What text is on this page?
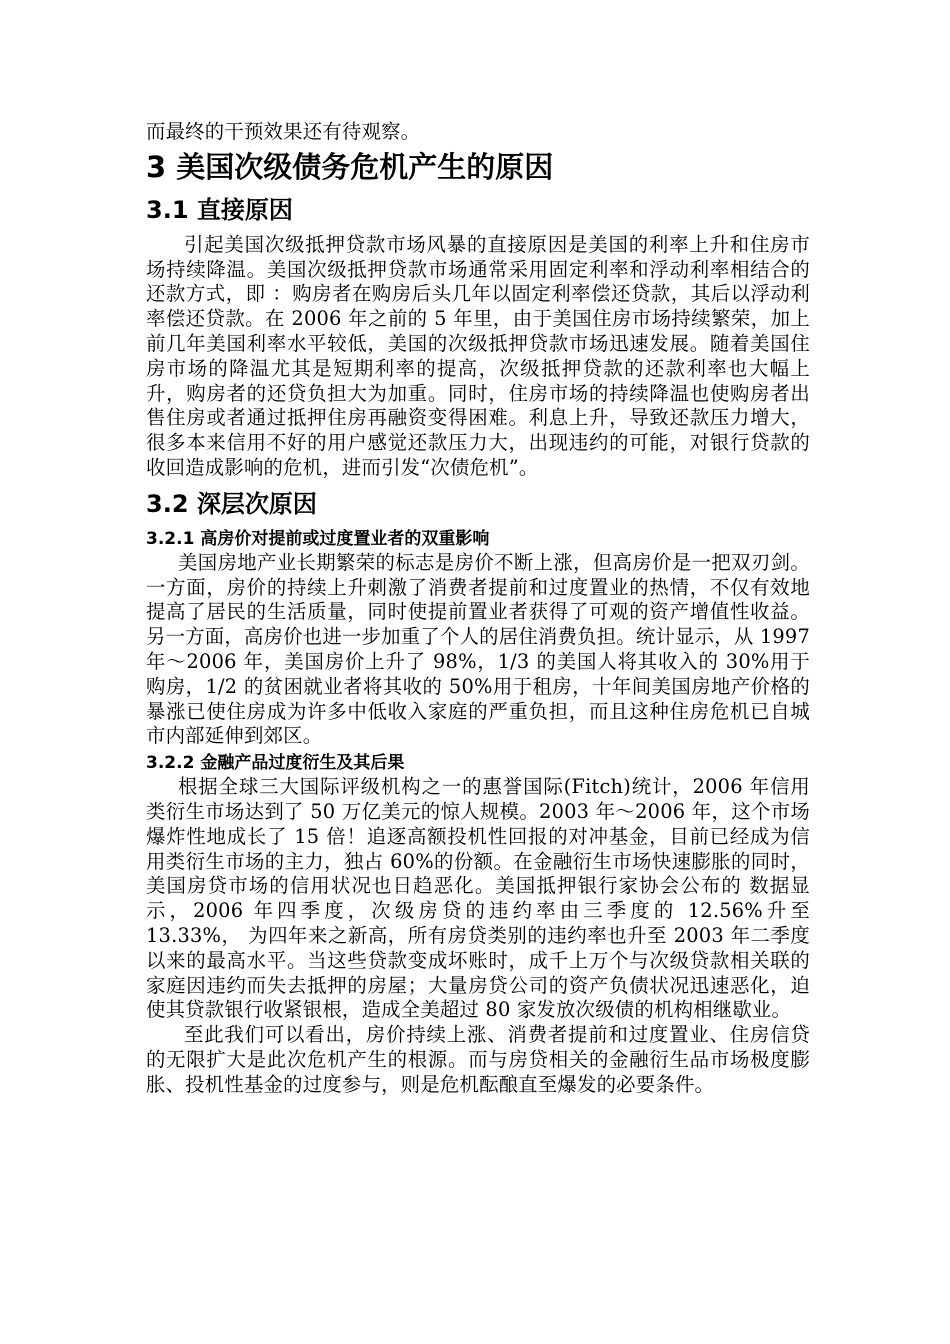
而最终的干预效果还有待观察。

3 美国次级债务危机产生的原因
3.1 直接原因

引起美国次级抵押贷款市场风暴的直接原因是美国的利率上升和住房市场持续降温。美国次级抵押贷款市场通常采用固定利率和浮动利率相结合的还款方式，即 ：购房者在购房后头几年以固定利率偿还贷款，其后以浮动利率偿还贷款。在 2006 年之前的 5 年里，由于美国住房市场持续繁荣，加上前几年美国利率水平较低，美国的次级抵押贷款市场迅速发展。随着美国住房市场的降温尤其是短期利率的提高，次级抵押贷款的还款利率也大幅上升，购房者的还贷负担大为加重。同时，住房市场的持续降温也使购房者出售住房或者通过抵押住房再融资变得困难。利息上升，导致还款压力增大，很多本来信用不好的用户感觉还款压力大，出现违约的可能，对银行贷款的收回造成影响的危机，进而引发“次债危机”。

3.2 深层次原因
3.2.1 高房价对提前或过度置业者的双重影响

美国房地产业长期繁荣的标志是房价不断上涨，但高房价是一把双刃剑。一方面，房价的持续上升刺激了消费者提前和过度置业的热情，不仅有效地提高了居民的生活质量，同时使提前置业者获得了可观的资产增值性收益。另一方面，高房价也进一步加重了个人的居住消费负担。统计显示，从 1997 年～2006 年，美国房价上升了 98%，1/3 的美国人将其收入的 30%用于购房，1/2 的贫困就业者将其收的 50%用于租房，十年间美国房地产价格的暴涨已使住房成为许多中低收入家庭的严重负担，而且这种住房危机已自城市内部延伸到郊区。

3.2.2 金融产品过度衍生及其后果

根据全球三大国际评级机构之一的惠誉国际(Fitch)统计，2006 年信用类衍生市场达到了 50 万亿美元的惊人规模。2003 年～2006 年，这个市场爆炸性地成长了 15 倍！追逐高额投机性回报的对冲基金，目前已经成为信用类衍生市场的主力，独占 60%的份额。在金融衍生市场快速膨胀的同时，美国房贷市场的信用状况也日趋恶化。美国抵押银行家协会公布的 数据显示，2006 年四季度，次级房贷的违约率由三季度的 12.56%升至 13.33%， 为四年来之新高，所有房贷类别的违约率也升至 2003 年二季度以来的最高水平。当这些贷款变成坏账时，成千上万个与次级贷款相关联的家庭因违约而失去抵押的房屋；大量房贷公司的资产负债状况迅速恶化，迫使其贷款银行收紧银根，造成全美超过 80 家发放次级债的机构相继歇业。

至此我们可以看出，房价持续上涨、消费者提前和过度置业、住房信贷的无限扩大是此次危机产生的根源。而与房贷相关的金融衍生品市场极度膨胀、投机性基金的过度参与，则是危机酝酿直至爆发的必要条件。
